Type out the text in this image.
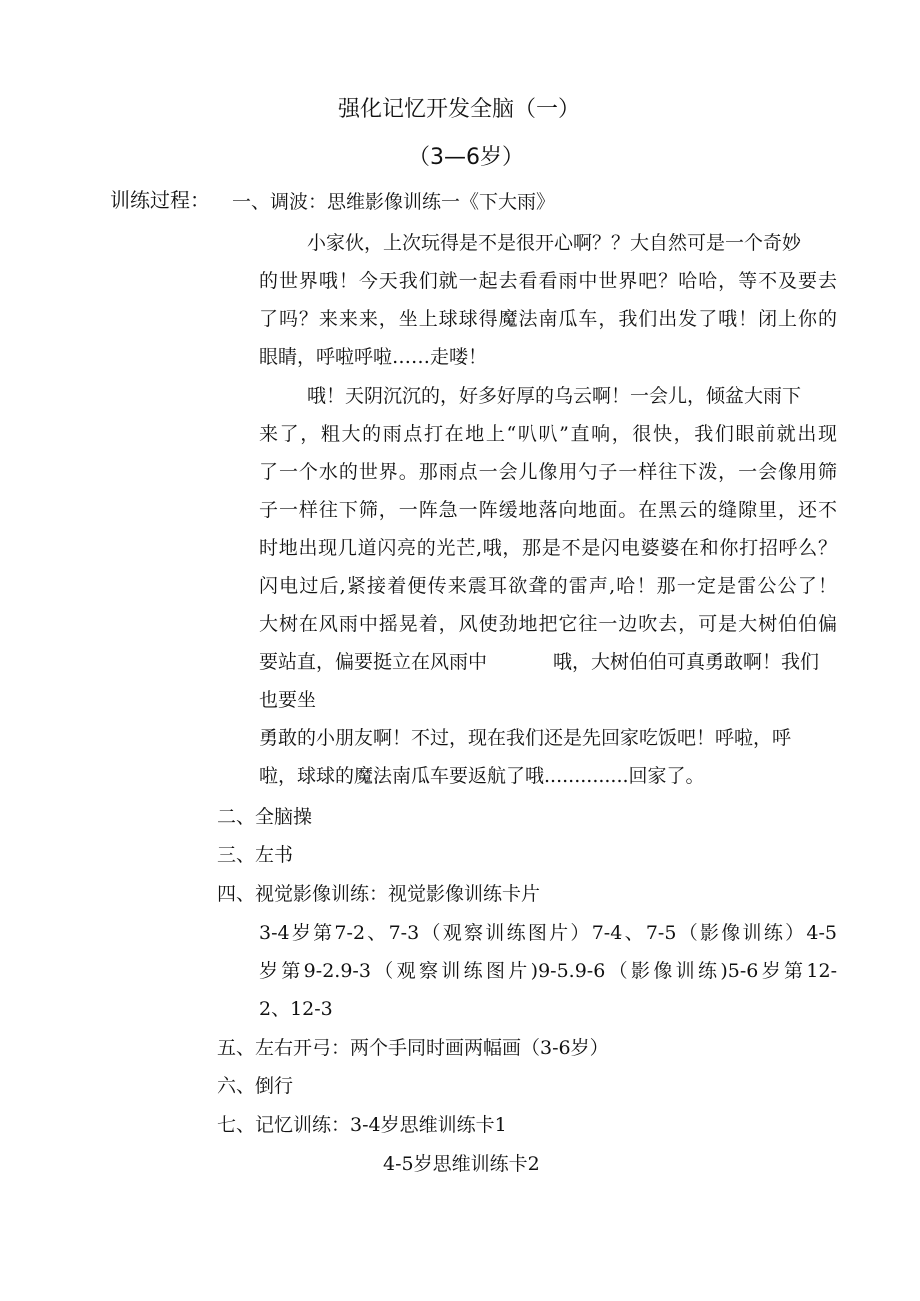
强化记忆开发全脑（一）
（3—6岁）
训练过程： 一、调波：思维影像训练一《下大雨》
小家伙，上次玩得是不是很开心啊？？大自然可是一个奇妙
的世界哦！今天我们就一起去看看雨中世界吧？哈哈，等不及要去
了吗？来来来，坐上球球得魔法南瓜车，我们出发了哦！闭上你的
眼睛，呼啦呼啦……走喽！
哦！天阴沉沉的，好多好厚的乌云啊！一会儿，倾盆大雨下
来了，粗大的雨点打在地上“叭叭”直响，很快，我们眼前就出现
了一个水的世界。那雨点一会儿像用勺子一样往下泼，一会像用筛
子一样往下筛，一阵急一阵缓地落向地面。在黑云的缝隙里，还不
时地出现几道闪亮的光芒,哦，那是不是闪电婆婆在和你打招呼么？
闪电过后,紧接着便传来震耳欲聋的雷声,哈！那一定是雷公公了！
大树在风雨中摇晃着，风使劲地把它往一边吹去，可是大树伯伯偏
要站直，偏要挺立在风雨中	哦，大树伯伯可真勇敢啊！我们
也要坐
勇敢的小朋友啊！不过，现在我们还是先回家吃饭吧！呼啦，呼
啦，球球的魔法南瓜车要返航了哦..............回家了。
二、全脑操
三、左书
四、视觉影像训练：视觉影像训练卡片
3-4岁第7-2、7-3（观察训练图片）7-4、7-5（影像训练）4-5
岁第9-2.9-3（观察训练图片)9-5.9-6（影像训练)5-6岁第12-
2、12-3
五、左右开弓：两个手同时画两幅画（3-6岁）
六、倒行
七、记忆训练：3-4岁思维训练卡1
4-5岁思维训练卡2
